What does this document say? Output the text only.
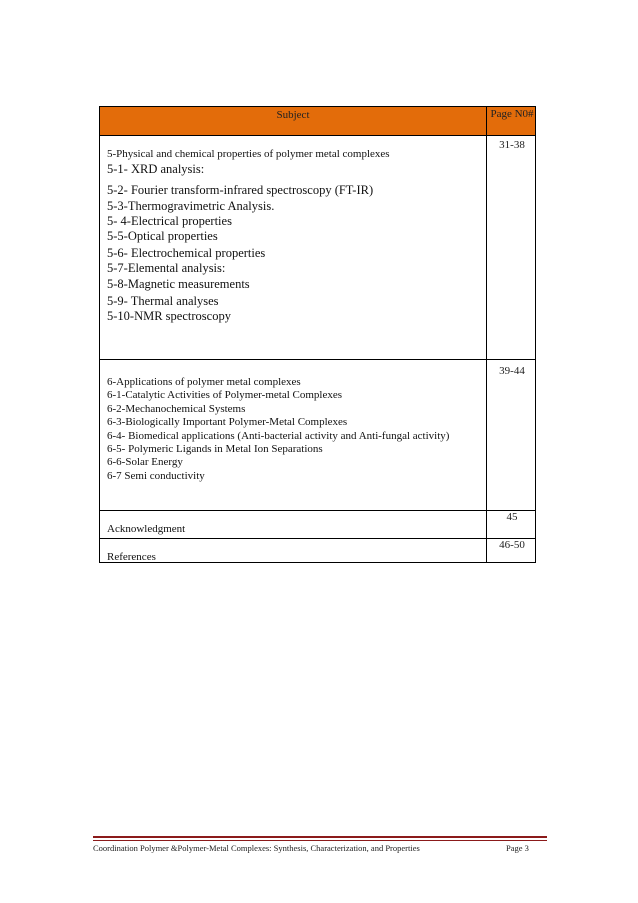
Subject	Page N0#
31-38
5-Physical and chemical properties of polymer metal complexes
5-1- XRD analysis:
5-2- Fourier transform-infrared spectroscopy (FT-IR)
5-3-Thermogravimetric Analysis.
5- 4-Electrical properties
5-5-Optical properties
5-6- Electrochemical properties
5-7-Elemental analysis:
5-8-Magnetic measurements
5-9- Thermal analyses
5-10-NMR spectroscopy
39-44
6-Applications of polymer metal complexes
6-1-Catalytic Activities of Polymer-metal Complexes
6-2-Mechanochemical Systems
6-3-Biologically Important Polymer-Metal Complexes
6-4- Biomedical applications (Anti-bacterial activity and Anti-fungal activity)
6-5- Polymeric Ligands in Metal Ion Separations
6-6-Solar Energy
6-7 Semi conductivity
45
Acknowledgment
46-50
References
Coordination Polymer &Polymer-Metal Complexes: Synthesis, Characterization, and Properties	Page 3
